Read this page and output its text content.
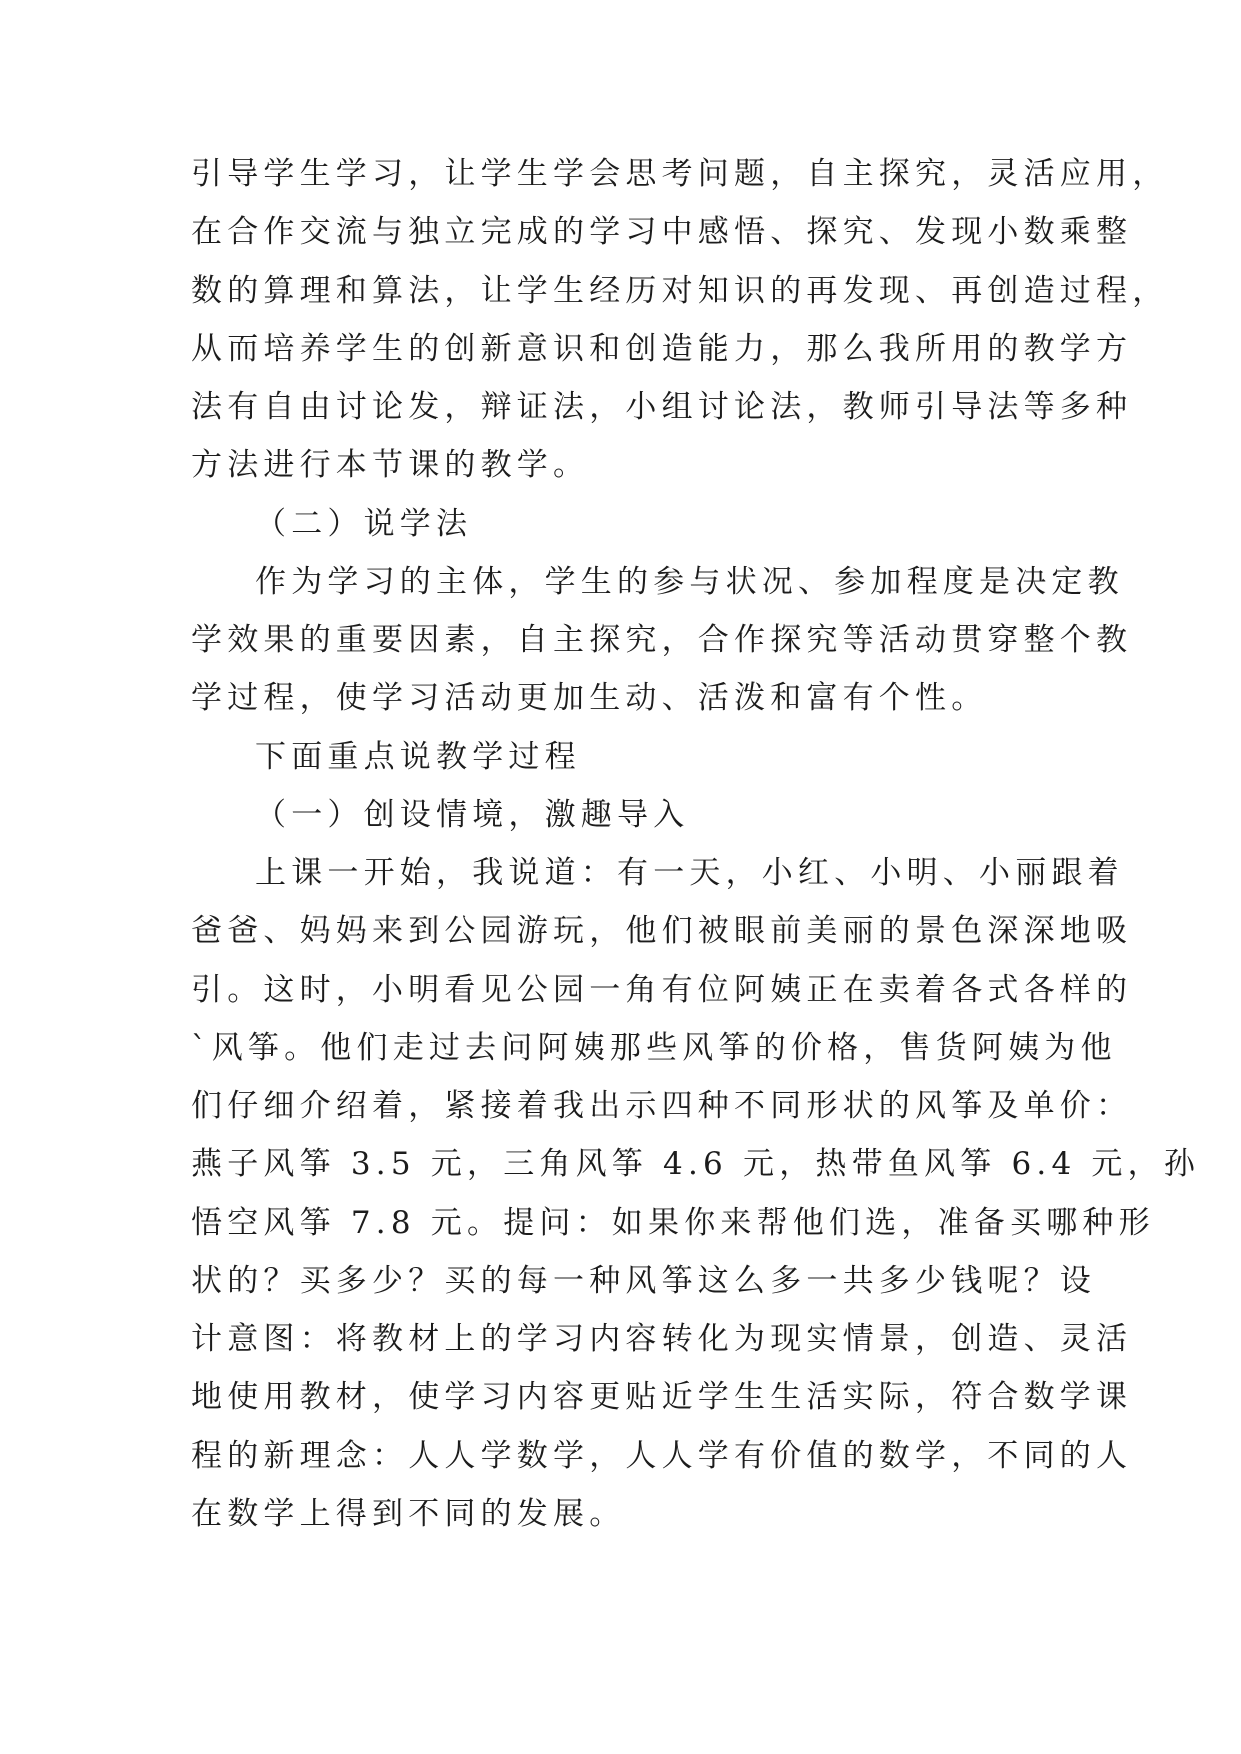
引导学生学习，让学生学会思考问题，自主探究，灵活应用，
在合作交流与独立完成的学习中感悟、探究、发现小数乘整
数的算理和算法，让学生经历对知识的再发现、再创造过程，
从而培养学生的创新意识和创造能力，那么我所用的教学方
法有自由讨论发，辩证法，小组讨论法，教师引导法等多种
方法进行本节课的教学。
（二）说学法
作为学习的主体，学生的参与状况、参加程度是决定教
学效果的重要因素，自主探究，合作探究等活动贯穿整个教
学过程，使学习活动更加生动、活泼和富有个性。
下面重点说教学过程
（一）创设情境，激趣导入
上课一开始，我说道：有一天，小红、小明、小丽跟着
爸爸、妈妈来到公园游玩，他们被眼前美丽的景色深深地吸
引。这时，小明看见公园一角有位阿姨正在卖着各式各样的
`风筝。他们走过去问阿姨那些风筝的价格，售货阿姨为他
们仔细介绍着，紧接着我出示四种不同形状的风筝及单价：
燕子风筝 3.5 元，三角风筝 4.6 元，热带鱼风筝 6.4 元，孙
悟空风筝 7.8 元。提问：如果你来帮他们选，准备买哪种形
状的？买多少？买的每一种风筝这么多一共多少钱呢？设
计意图：将教材上的学习内容转化为现实情景，创造、灵活
地使用教材，使学习内容更贴近学生生活实际，符合数学课
程的新理念：人人学数学，人人学有价值的数学，不同的人
在数学上得到不同的发展。
